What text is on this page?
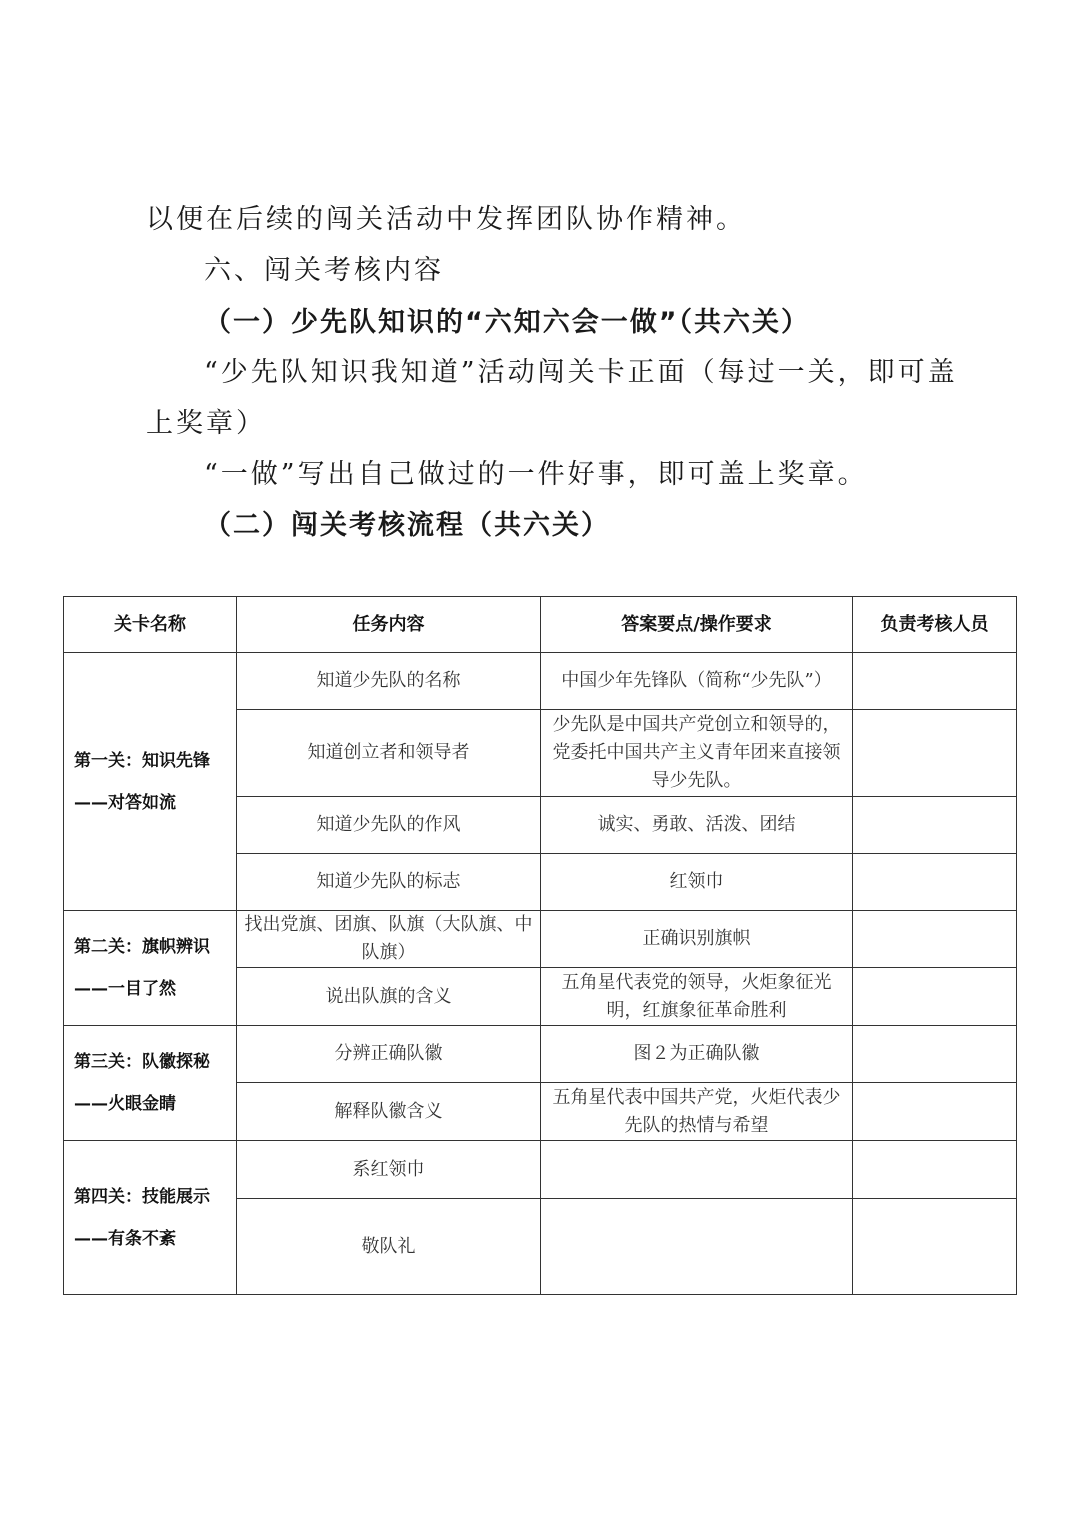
以便在后续的闯关活动中发挥团队协作精神。
六、闯关考核内容
（一）少先队知识的“六知六会一做”（共六关）
“少先队知识我知道”活动闯关卡正面（每过一关，即可盖
上奖章）
“一做”写出自己做过的一件好事，即可盖上奖章。
（二）闯关考核流程（共六关）
关卡名称	任务内容	答案要点/操作要求	负责考核人员

第一关：知识先锋
——对答如流	知道少先队的名称	中国少年先锋队（简称“少先队”）	
	知道创立者和领导者	少先队是中国共产党创立和领导的，党委托中国共产主义青年团来直接领导少先队。	
	知道少先队的作风	诚实、勇敢、活泼、团结	
	知道少先队的标志	红领巾	

第二关：旗帜辨识
——一目了然	找出党旗、团旗、队旗（大队旗、中队旗）	正确识别旗帜	
	说出队旗的含义	五角星代表党的领导，火炬象征光明，红旗象征革命胜利	

第三关：队徽探秘
——火眼金睛	分辨正确队徽	图２为正确队徽	
	解释队徽含义	五角星代表中国共产党，火炬代表少先队的热情与希望	

第四关：技能展示
——有条不紊	系红领巾		
	敬队礼		
